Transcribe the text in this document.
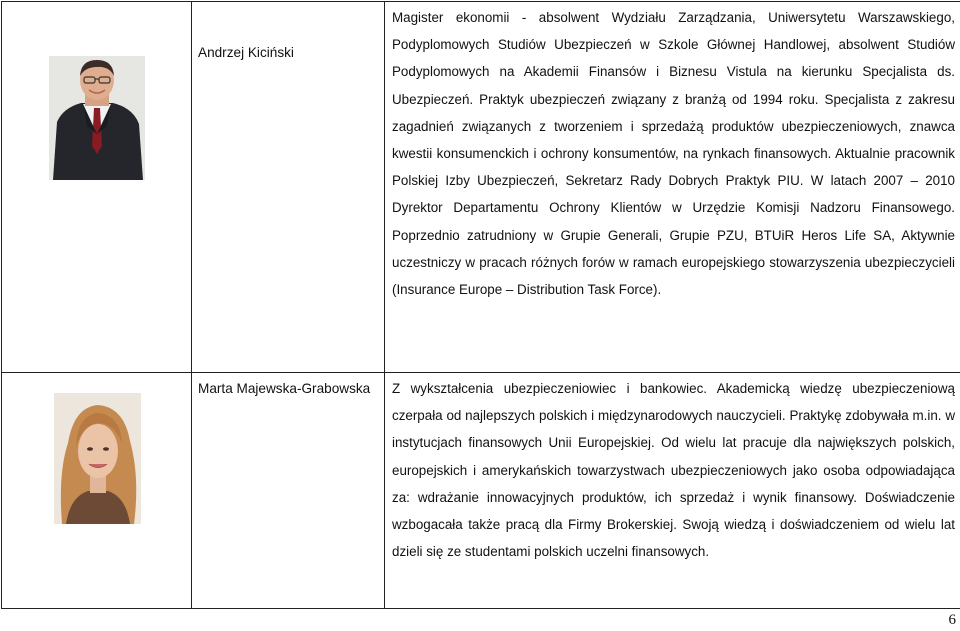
Andrzej Kiciński	Magister ekonomii - absolwent Wydziału Zarządzania, Uniwersytetu Warszawskiego, Podyplomowych Studiów Ubezpieczeń w Szkole Głównej Handlowej, absolwent Studiów Podyplomowych na Akademii Finansów i Biznesu Vistula na kierunku Specjalista ds. Ubezpieczeń. Praktyk ubezpieczeń związany z branżą od 1994 roku. Specjalista z zakresu zagadnień związanych z tworzeniem i sprzedażą produktów ubezpieczeniowych, znawca kwestii konsumenckich i ochrony konsumentów, na rynkach finansowych. Aktualnie pracownik Polskiej Izby Ubezpieczeń, Sekretarz Rady Dobrych Praktyk PIU. W latach 2007 – 2010 Dyrektor Departamentu Ochrony Klientów w Urzędzie Komisji Nadzoru Finansowego. Poprzednio zatrudniony w Grupie Generali, Grupie PZU, BTUiR Heros Life SA, Aktywnie uczestniczy w pracach różnych forów w ramach europejskiego stowarzyszenia ubezpieczycieli (Insurance Europe – Distribution Task Force).

Marta Majewska-Grabowska	Z wykształcenia ubezpieczeniowiec i bankowiec. Akademicką wiedzę ubezpieczeniową czerpała od najlepszych polskich i międzynarodowych nauczycieli. Praktykę zdobywała m.in. w instytucjach finansowych Unii Europejskiej. Od wielu lat pracuje dla największych polskich, europejskich i amerykańskich towarzystwach ubezpieczeniowych jako osoba odpowiadająca za: wdrażanie innowacyjnych produktów, ich sprzedaż i wynik finansowy. Doświadczenie wzbogacała także pracą dla Firmy Brokerskiej. Swoją wiedzą i doświadczeniem od wielu lat dzieli się ze studentami polskich uczelni finansowych.
6
